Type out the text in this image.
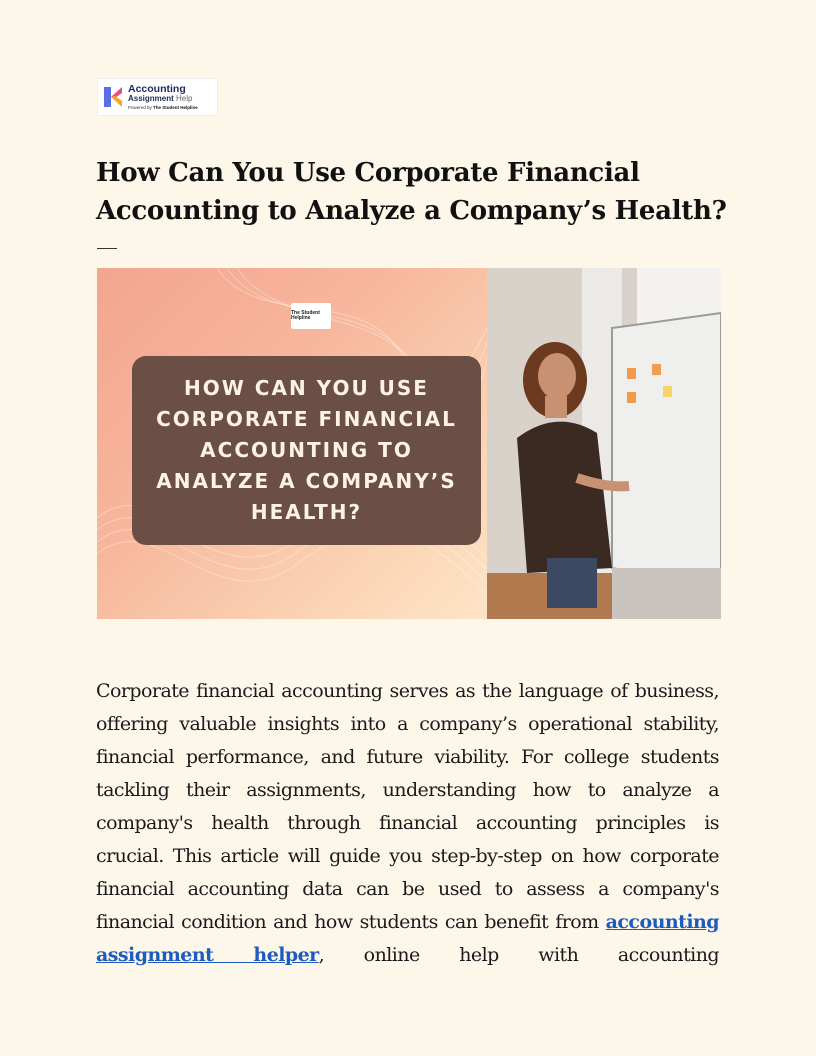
Accounting
Assignment Help
Powered by The Student Helpline
How Can You Use Corporate Financial Accounting to Analyze a Company’s Health?
The Student Helpline
HOW CAN YOU USE CORPORATE FINANCIAL ACCOUNTING TO ANALYZE A COMPANY’S HEALTH?

Corporate financial accounting serves as the language of business, offering valuable insights into a company’s operational stability, financial performance, and future viability. For college students tackling their assignments, understanding how to analyze a company's health through financial accounting principles is crucial. This article will guide you step-by-step on how corporate financial accounting data can be used to assess a company's financial condition and how students can benefit from accounting assignment helper, online help with accounting
